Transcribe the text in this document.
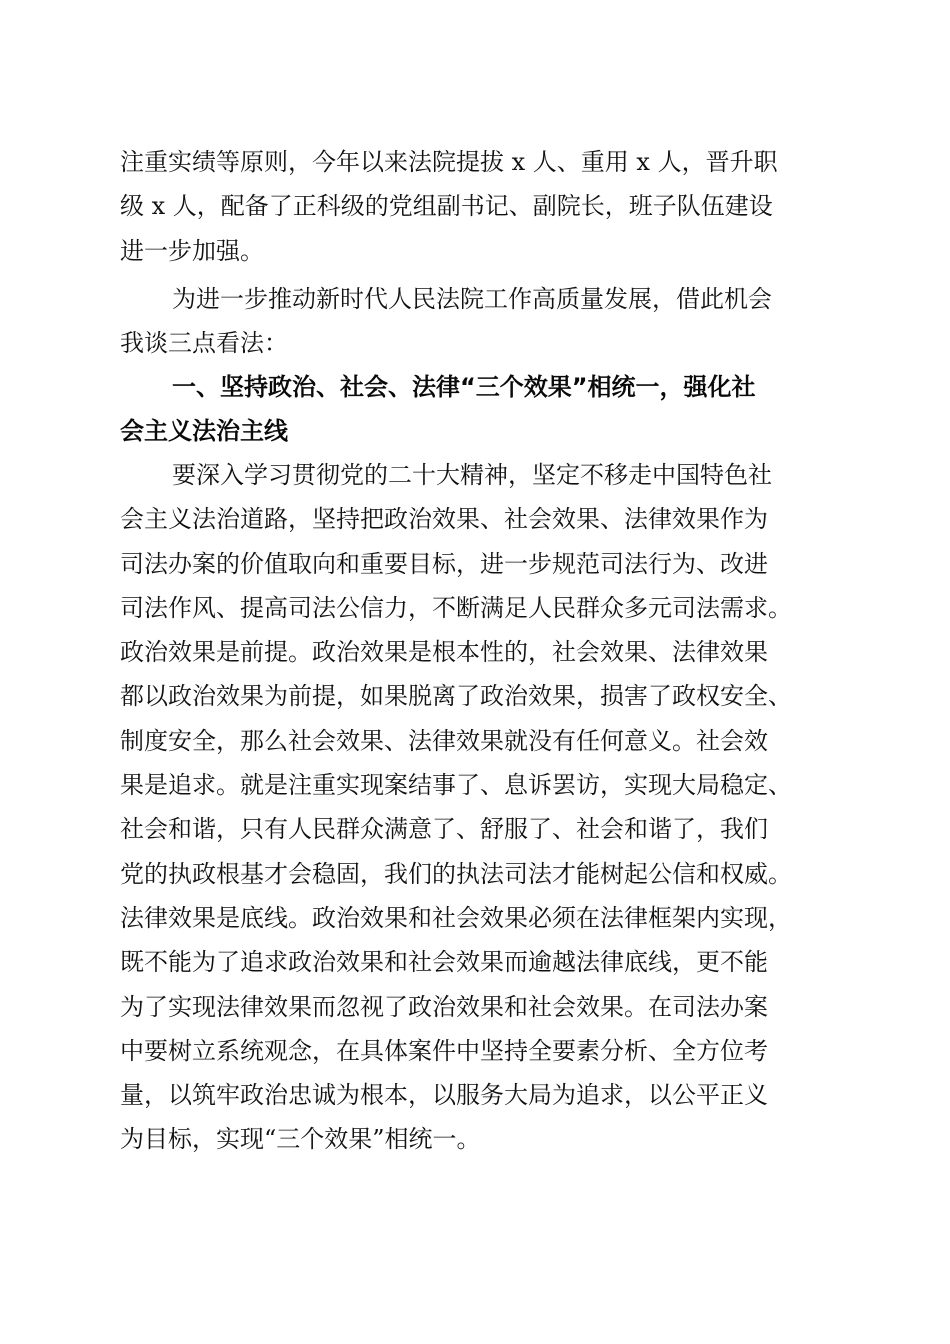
注重实绩等原则，今年以来法院提拔 x 人、重用 x 人，晋升职
级 x 人，配备了正科级的党组副书记、副院长，班子队伍建设
进一步加强。
为进一步推动新时代人民法院工作高质量发展，借此机会
我谈三点看法：
一、坚持政治、社会、法律“三个效果”相统一，强化社
会主义法治主线
要深入学习贯彻党的二十大精神，坚定不移走中国特色社
会主义法治道路，坚持把政治效果、社会效果、法律效果作为
司法办案的价值取向和重要目标，进一步规范司法行为、改进
司法作风、提高司法公信力，不断满足人民群众多元司法需求。
政治效果是前提。政治效果是根本性的，社会效果、法律效果
都以政治效果为前提，如果脱离了政治效果，损害了政权安全、
制度安全，那么社会效果、法律效果就没有任何意义。社会效
果是追求。就是注重实现案结事了、息诉罢访，实现大局稳定、
社会和谐，只有人民群众满意了、舒服了、社会和谐了，我们
党的执政根基才会稳固，我们的执法司法才能树起公信和权威。
法律效果是底线。政治效果和社会效果必须在法律框架内实现，
既不能为了追求政治效果和社会效果而逾越法律底线，更不能
为了实现法律效果而忽视了政治效果和社会效果。在司法办案
中要树立系统观念，在具体案件中坚持全要素分析、全方位考
量，以筑牢政治忠诚为根本，以服务大局为追求，以公平正义
为目标，实现“三个效果”相统一。
